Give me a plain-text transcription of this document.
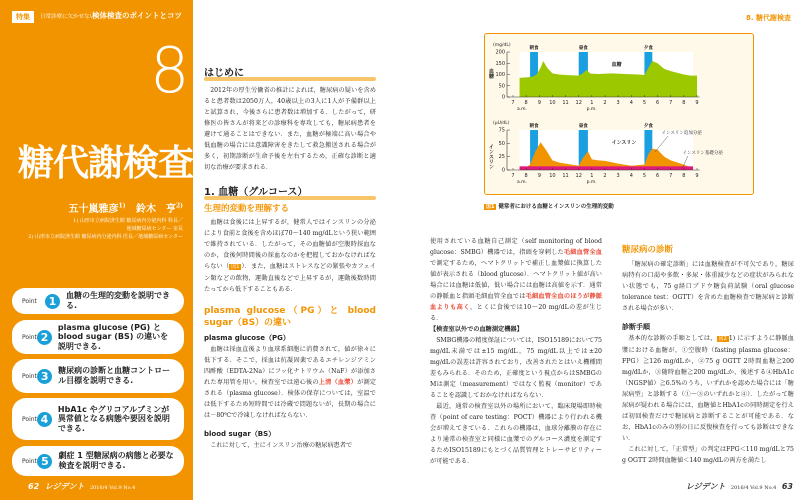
特集	日常診療に欠かせない
検体検査のポイントとコツ
8
糖代謝検査
五十嵐雅彦$^{1)}$ 鈴木　亨$^{2)}$
1) 山形市立病院済生館 糖尿病内分泌内科 科長／
地域糖尿病センター 室長
2) 山形市立病院済生館 糖尿病内分泌内科 医長／地域糖尿病センター
Point	1	血糖の生理的変動を説明できる.
Point 2
plasma glucose (PG) と blood sugar (BS) の違いを説明できる.
Point 3	糖尿病の診断と血糖コントロール目標を説明できる.
Point 4
HbA1c やグリコアルブミンが異常値となる病態や要因を説明できる.
Point 5	劇症 1 型糖尿病の病態と必要な検査を説明できる.
62 レジデント 2016/4 Vol.9 No.4
はじめに

2012年の厚生労働省の推計によれば，糖尿病の疑いを含めると患者数は2050万人，40歳以上の3人に1人が予備群以上と試算され，今後さらに患者数は増加する．したがって，研修医の皆さんが将来どの診療科を専攻しても，糖尿病患者を避けて通ることはできない．また，血糖が極端に高い場合や低血糖の場合には意識障害をきたして救急搬送される場合が多く，初期診断が生命予後を左右するため，正確な診断と適切な治療が要求される．

1. 血糖（グルコース）
生理的変動を理解する

血糖は食後には上昇するが，健常人ではインスリンの分泌により食前と食後を含めほぼ70～140 mg/dLという狭い範囲で維持されている．したがって，その血糖値が空腹時採血なのか，食後何時間後の採血なのかを把握しておかなければならない（ 図1 ）．また，血糖はストレスなどの緊張やカフェイン類などの飲物，運動直後などで上昇するが，運動後数時間たってから低下することもある．

plasma glucose（PG）と blood sugar（BS）の違い
plasma glucose（PG）

血糖は採血直後より血球系細胞に消費されて，値が徐々に低下する．そこで，採血は抗凝固薬であるエチレンジアミン四酢酸（EDTA-2Na）にフッ化ナトリウム（NaF）が添加された専用管を用い，検査室では遠心後の上清（血漿）が測定される（plasma glucose）．検体の保存については，室温では低下するため短時間では冷蔵で問題ないが，長期の場合には－80℃で冷凍しなければならない．

blood sugar（BS）

これに対して，主にインスリン治療の糖尿病患者で

使用されている血糖自己測定（self monitoring of blood glucose：SMBG）機器では，指頭を穿刺した毛細血管全血で測定するため，ヘマトクリットで補正し血漿値に換算した値が表示される（blood glucose）．ヘマトクリット値が高い場合には血糖は低値，低い場合には血糖は高値を示す．通常の静脈血と指頭毛細血管全血では毛細血管全血のほうが静脈血よりも高く，とくに食後では10～20 mg/dLの差が生じる．

【検査室以外での血糖測定機器】

SMBG機器の精度保証については，ISO15189において75 mg/dL未満では±15 mg/dL，75 mg/dL以上では±20 mg/dLの誤差は許容されており，改善されたとはいえ機種間差もみられる．そのため，正確度という視点からはSMBGのMは測定（measurement）ではなく監視（monitor）であることを認識しておかなければならない．

最近，通常の検査室以外の場所において，臨床現場即時検査（point of care testing：POCT）機器により行われる機会が増えてきている．これらの機器は，血球分離膜の存在により通常の検査室と同様に血漿でのグルコース濃度を測定するためISO15189にもとづく品質管理とトレーサビリティーが可能である．

糖尿病の診断

「糖尿病の確定診断」には血糖検査が不可欠であり，糖尿病特有の口渇や多飲・多尿・体重減少などの症状がみられない状態でも，75 g経口ブドウ糖負荷試験（oral glucose tolerance test：OGTT）を含めた血糖検査で糖尿病と診断される場合が多い．

診断手順

基本的な診断の手順としては， 図2 1) に示すように静脈血漿における血糖が，①空腹時（fasting plasma glucose：FPG）≧126 mg/dLか，②75 g OGTT 2時間血糖≧200 mg/dLか，③随時血糖≧200 mg/dLか，後述する④HbA1c（NGSP値）≧6.5%のうち，いずれかを認めた場合には「糖尿病型」と診断する（①～③のいずれかと④）．したがって糖尿病が疑われる場合には，血糖値とHbA1cの同時測定を行えば初回検査だけで糖尿病と診断することが可能である．なお，HbA1cのみの別の日に反復検査を行っても診断はできない．

これに対して，「正常型」の判定はFPG＜110 mg/dLと75 g OGTT 2時間血糖値＜140 mg/dLの両方を満たし

8. 糖代謝検査
朝食	昼食	夕食
0
50
100
150
200
7 8 9 10 11 12 1 2 3 4 5 6 7 8 9
a.m.	p.m.
(mg/dL)
血糖
血糖
朝食	昼食	夕食
0
25
50
75
7 8 9 10 11 12 1 2 3 4 5 6 7 8 9
a.m.	p.m.
(μU/dL)
インスリン
インスリン
インスリン追加分泌
インスリン基礎分泌
図1 健常者における血糖とインスリンの生理的変動
レジデント 2016/4 Vol.9 No.4 63
